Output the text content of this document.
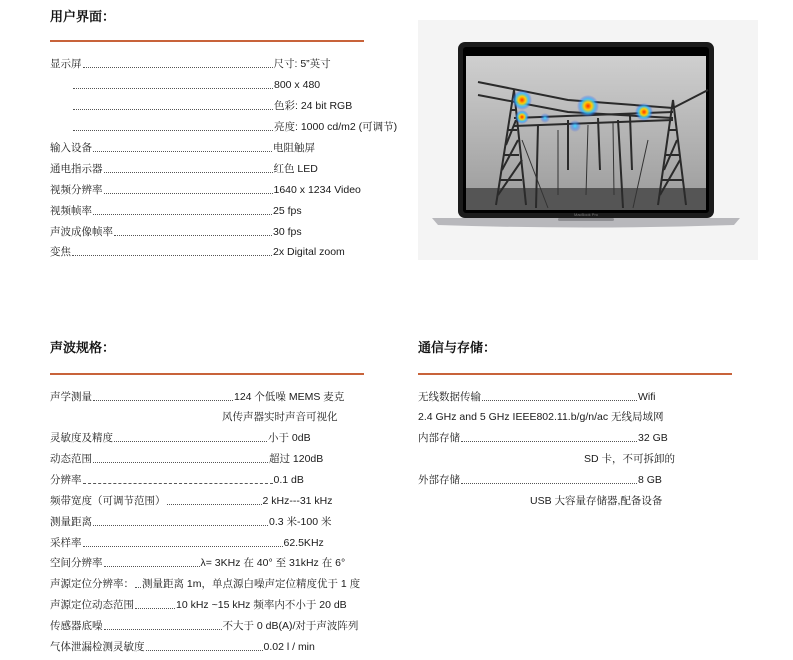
用户界面：
显示屏	尺寸: 5”英寸
800 x 480
色彩: 24 bit RGB
亮度: 1000 cd/m2 (可调节)
输入设备	电阻触屏
通电指示器	红色 LED
视频分辨率	1640 x 1234 Video
视频帧率	25 fps
声波成像帧率	30 fps
变焦	2x Digital zoom
MacBook Pro
声波规格：
声学测量	124 个低噪 MEMS 麦克
风传声器实时声音可视化
灵敏度及精度	小于 0dB
动态范围	超过 120dB
分辨率	0.1 dB
频带宽度（可调节范围）	2 kHz---31 kHz
测量距离	0.3 米-100 米
采样率	62.5KHz
空间分辨率	λ= 3KHz 在 40° 至 31kHz 在 6°
声源定位分辨率： 测量距离 1m，单点源白噪声定位精度优于 1 度
声源定位动态范围	10 kHz ~15 kHz 频率内不小于 20 dB
传感器底噪	不大于 0 dB(A)/对于声波阵列
气体泄漏检测灵敏度	0.02 l / min
通信与存储：
无线数据传输	Wifi
2.4 GHz and 5 GHz IEEE802.11.b/g/n/ac 无线局域网
内部存储	32 GB
SD 卡，不可拆卸的
外部存储	8 GB
USB 大容量存储器,配备设备
